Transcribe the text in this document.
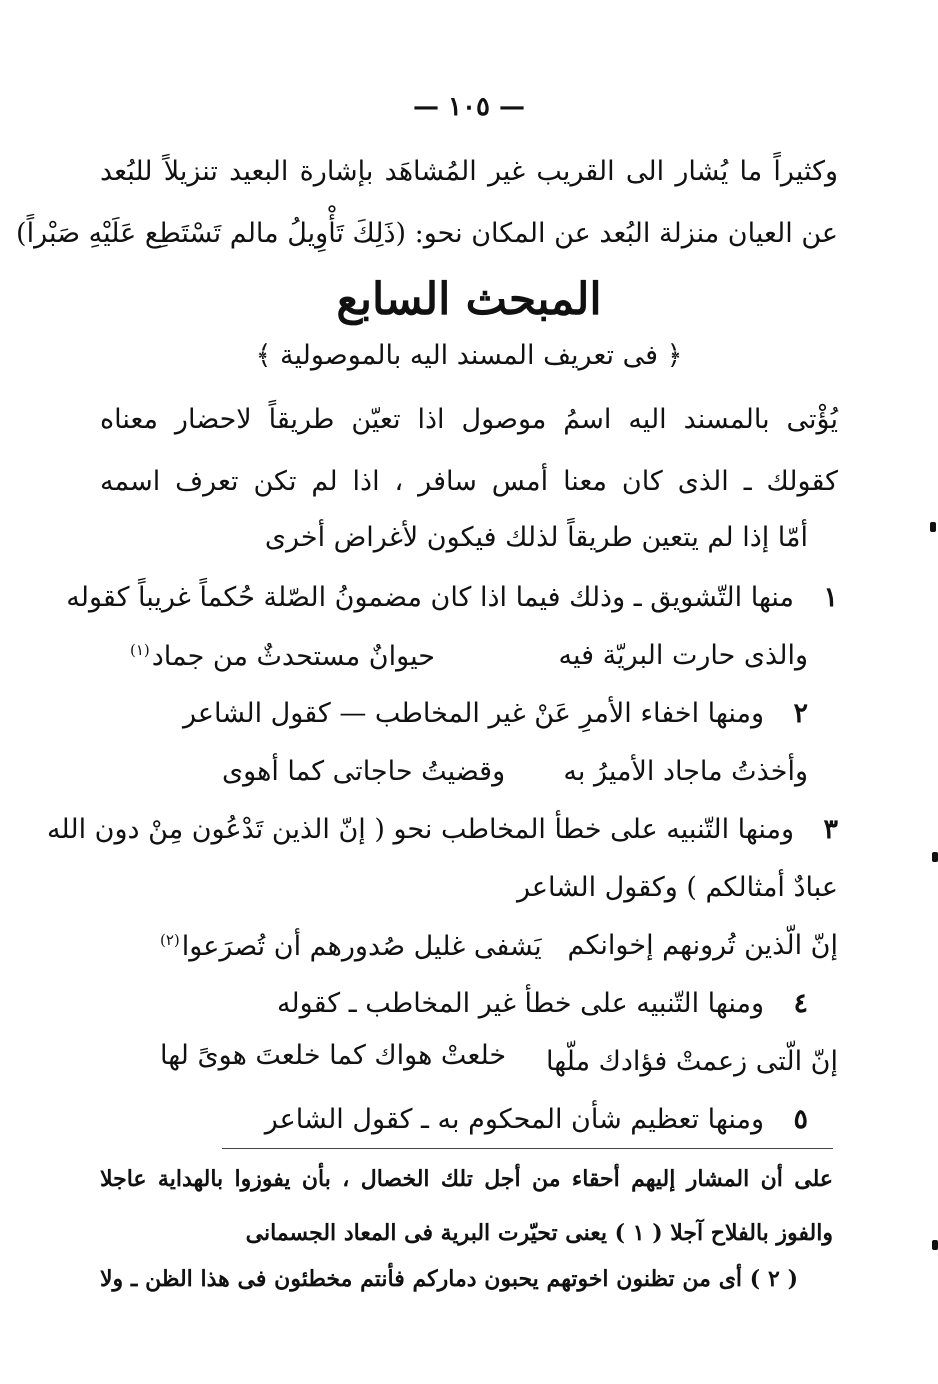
— ١٠٥ —
وكثيراً ما يُشار الى القريب غير المُشاهَد بإشارة البعيد تنزيلاً للبُعد
عن العيان منزلة البُعد عن المكان نحو: (ذَلِكَ تَأْوِيلُ مالم تَسْتَطِع عَلَيْهِ صَبْراً)
المبحث السابع
﴿ فى تعريف المسند اليه بالموصولية ﴾
يُؤْتى بالمسند اليه اسمُ موصول اذا تعيّن طريقاً لاحضار معناه
كقولك ـ الذى كان معنا أمس سافر ، اذا لم تكن تعرف اسمه
أمّا إذا لم يتعين طريقاً لذلك فيكون لأغراض أخرى
١منها التّشويق ـ وذلك فيما اذا كان مضمونُ الصّلة حُكماً غريباً كقوله
والذى حارت البريّة فيه
حيوانٌ مستحدثٌ من جماد$^{(١)}$
٢ومنها اخفاء الأمرِ عَنْ غير المخاطب — كقول الشاعر
وأخذتُ ماجاد الأميرُ به
وقضيتُ حاجاتى كما أهوى
٣ومنها التّنبيه على خطأ المخاطب نحو ( إنّ الذين تَدْعُون مِنْ دون الله
عبادٌ أمثالكم ) وكقول الشاعر
إنّ الّذين تُرونهم إخوانكم
يَشفى غليل صُدورهم أن تُصرَعوا$^{(٢)}$
٤ومنها التّنبيه على خطأ غير المخاطب ـ كقوله
إنّ الّتى زعمتْ فؤادك ملّها
خلعتْ هواك كما خلعتَ هوىً لها
٥ومنها تعظيم شأن المحكوم به ـ كقول الشاعر
على أن المشار إليهم أحقاء من أجل تلك الخصال ، بأن يفوزوا بالهداية عاجلا
والفوز بالفلاح آجلا ( ١ ) يعنى تحيّرت البرية فى المعاد الجسمانى
( ٢ ) أى من تظنون اخوتهم يحبون دماركم فأنتم مخطئون فى هذا الظن ـ ولا
